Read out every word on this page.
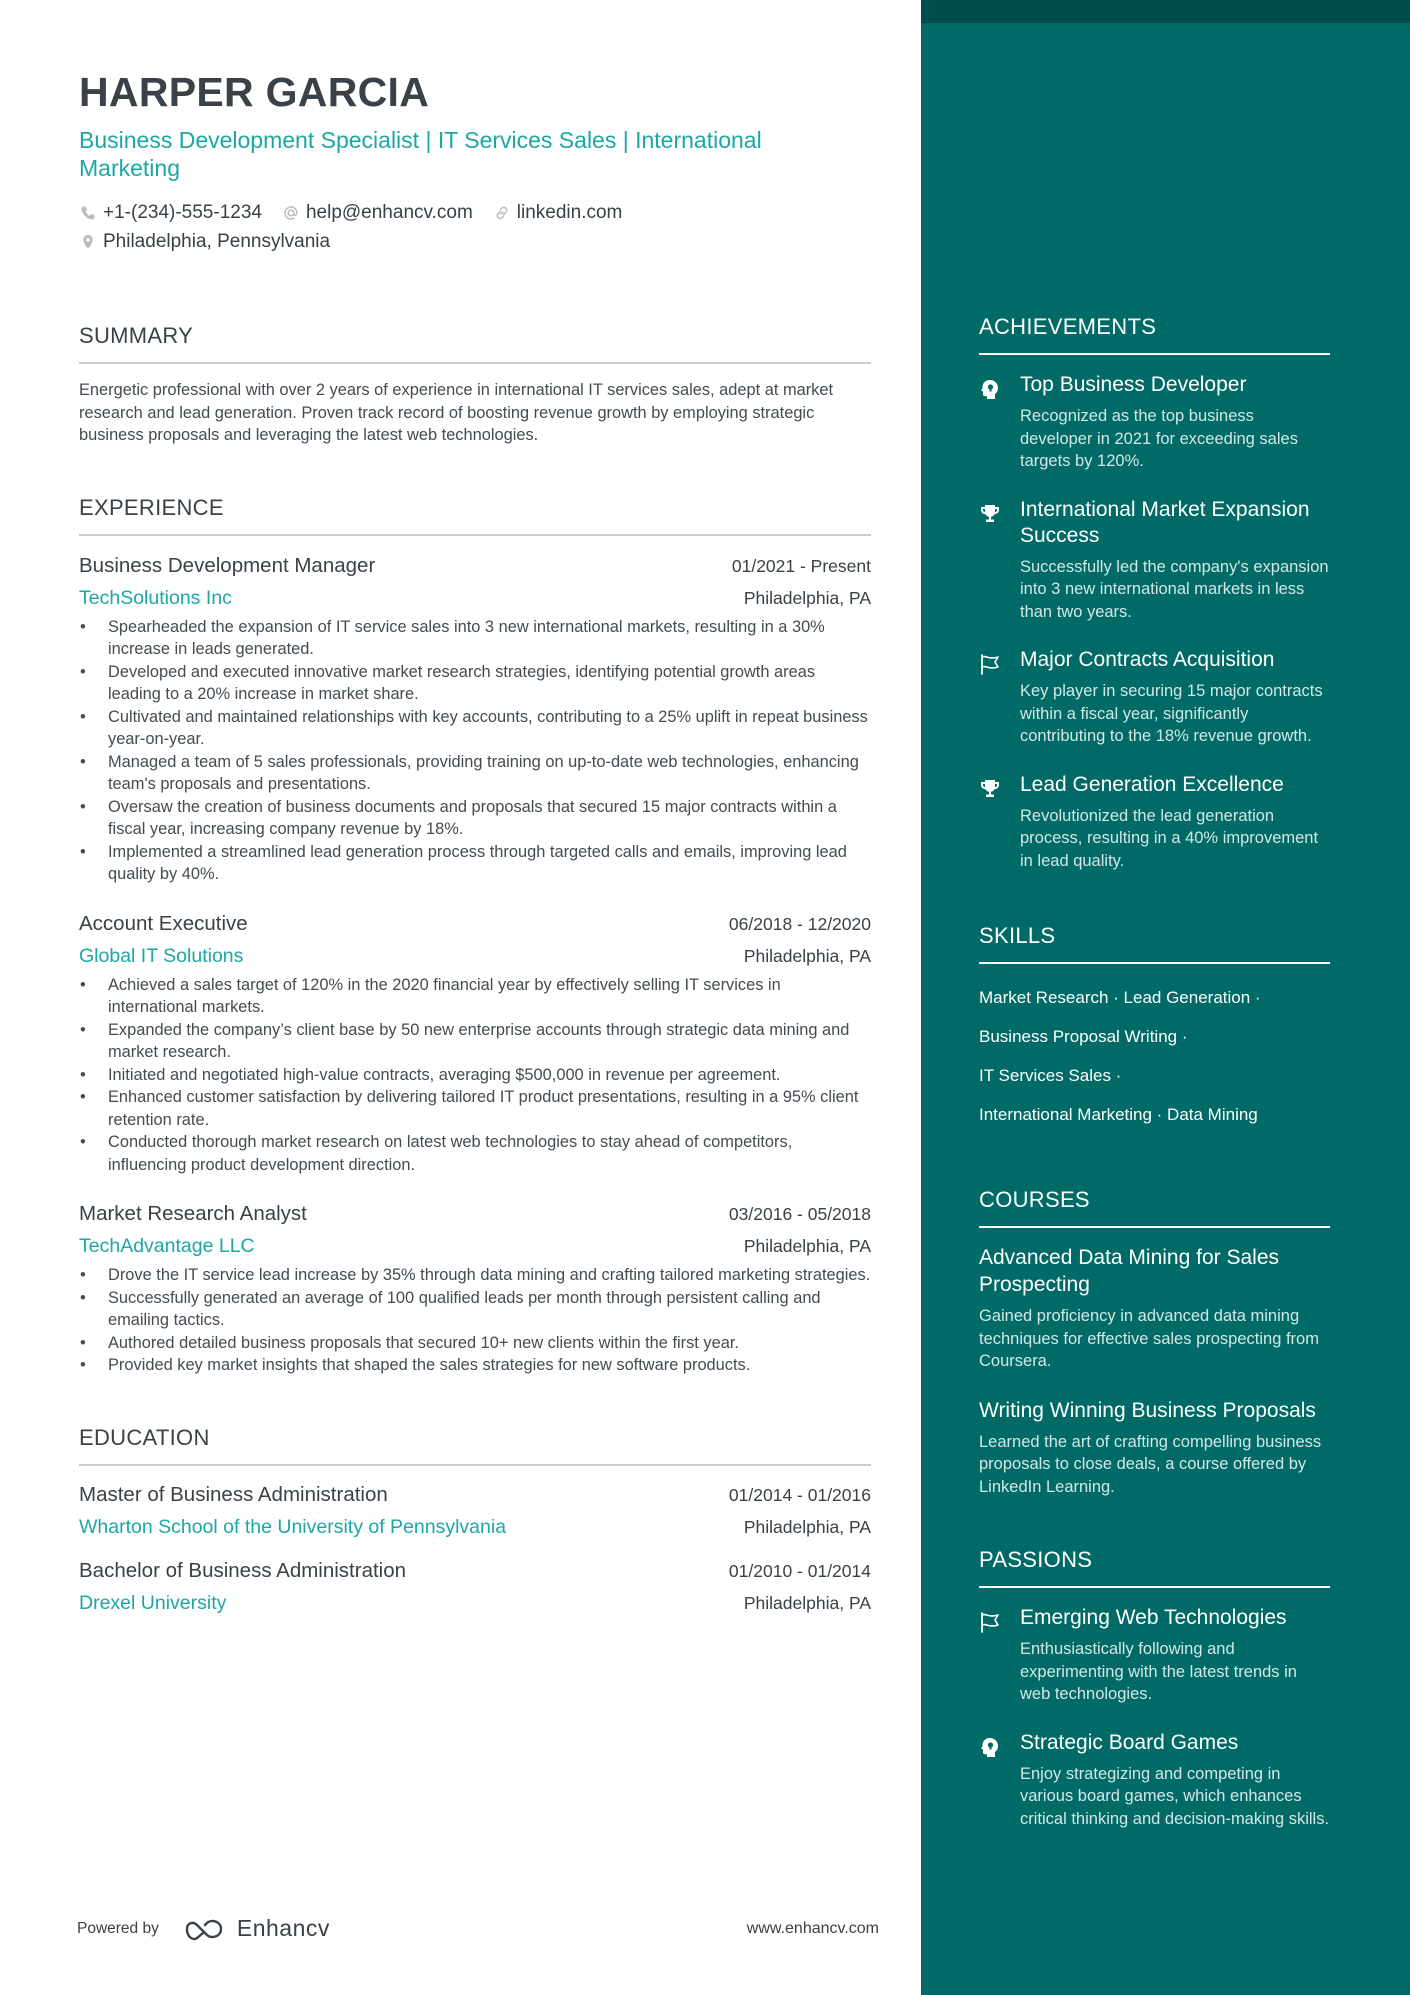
HARPER GARCIA
Business Development Specialist | IT Services Sales | International Marketing
+1-(234)-555-1234 help@enhancv.com linkedin.com
Philadelphia, Pennsylvania
SUMMARY

Energetic professional with over 2 years of experience in international IT services sales, adept at market research and lead generation. Proven track record of boosting revenue growth by employing strategic business proposals and leveraging the latest web technologies.

EXPERIENCE
Business Development Manager	01/2021 - Present
TechSolutions Inc	Philadelphia, PA
• Spearheaded the expansion of IT service sales into 3 new international markets, resulting in a 30% increase in leads generated.
• Developed and executed innovative market research strategies, identifying potential growth areas leading to a 20% increase in market share.
• Cultivated and maintained relationships with key accounts, contributing to a 25% uplift in repeat business year-on-year.
• Managed a team of 5 sales professionals, providing training on up-to-date web technologies, enhancing team's proposals and presentations.
• Oversaw the creation of business documents and proposals that secured 15 major contracts within a fiscal year, increasing company revenue by 18%.
• Implemented a streamlined lead generation process through targeted calls and emails, improving lead quality by 40%.
Account Executive	06/2018 - 12/2020
Global IT Solutions	Philadelphia, PA
• Achieved a sales target of 120% in the 2020 financial year by effectively selling IT services in international markets.
• Expanded the company’s client base by 50 new enterprise accounts through strategic data mining and market research.
• Initiated and negotiated high-value contracts, averaging $500,000 in revenue per agreement.
• Enhanced customer satisfaction by delivering tailored IT product presentations, resulting in a 95% client retention rate.
• Conducted thorough market research on latest web technologies to stay ahead of competitors, influencing product development direction.
Market Research Analyst	03/2016 - 05/2018
TechAdvantage LLC	Philadelphia, PA
• Drove the IT service lead increase by 35% through data mining and crafting tailored marketing strategies.
• Successfully generated an average of 100 qualified leads per month through persistent calling and emailing tactics.
• Authored detailed business proposals that secured 10+ new clients within the first year.
• Provided key market insights that shaped the sales strategies for new software products.
EDUCATION
Master of Business Administration	01/2014 - 01/2016
Wharton School of the University of Pennsylvania	Philadelphia, PA
Bachelor of Business Administration	01/2010 - 01/2014
Drexel University	Philadelphia, PA
Powered by	Enhancv	www.enhancv.com
ACHIEVEMENTS
Top Business Developer
Recognized as the top business developer in 2021 for exceeding sales targets by 120%.
International Market Expansion Success
Successfully led the company's expansion into 3 new international markets in less than two years.
Major Contracts Acquisition
Key player in securing 15 major contracts within a fiscal year, significantly contributing to the 18% revenue growth.
Lead Generation Excellence
Revolutionized the lead generation process, resulting in a 40% improvement in lead quality.
SKILLS
Market Research · Lead Generation ·
Business Proposal Writing ·
IT Services Sales ·
International Marketing · Data Mining
COURSES
Advanced Data Mining for Sales Prospecting
Gained proficiency in advanced data mining techniques for effective sales prospecting from Coursera.
Writing Winning Business Proposals
Learned the art of crafting compelling business proposals to close deals, a course offered by LinkedIn Learning.
PASSIONS
Emerging Web Technologies
Enthusiastically following and experimenting with the latest trends in web technologies.
Strategic Board Games
Enjoy strategizing and competing in various board games, which enhances critical thinking and decision-making skills.
